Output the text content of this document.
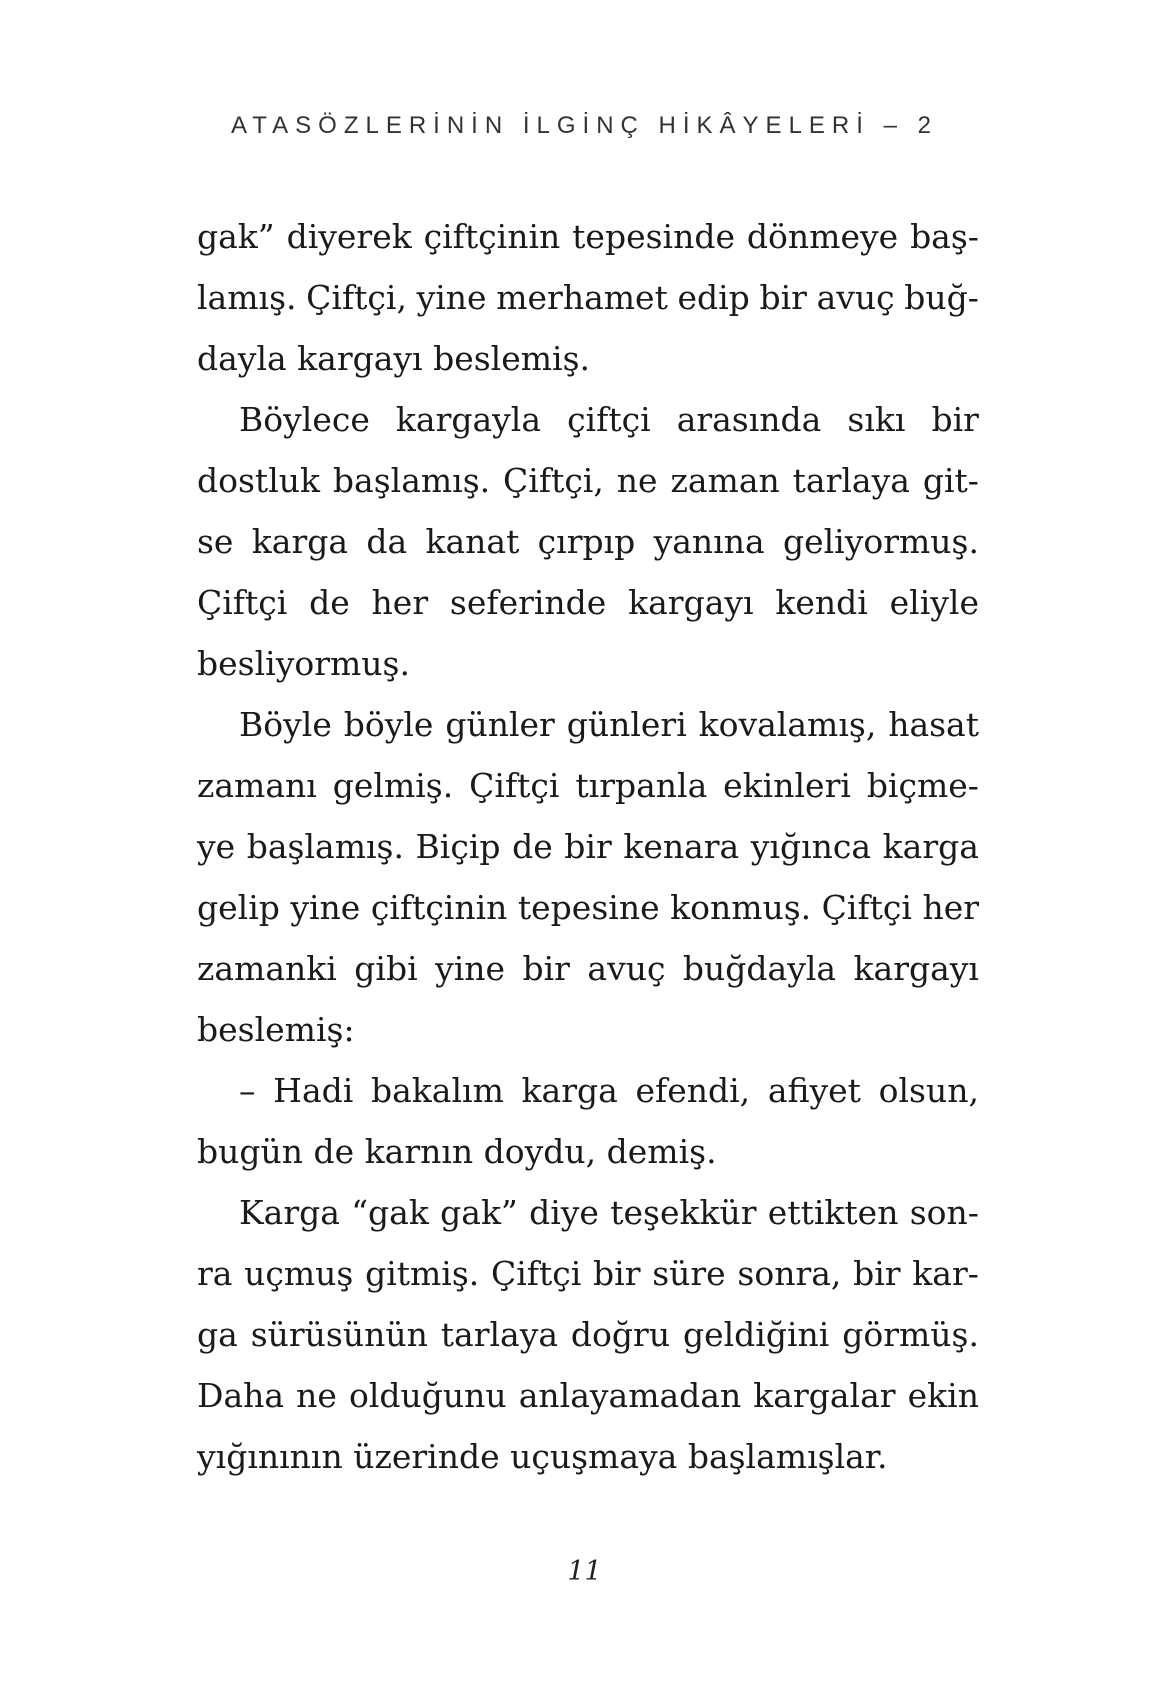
ATASÖZLERİNİN İLGİNÇ HİKÂYELERİ – 2
gak” diyerek çiftçinin tepesinde dönmeye baş-
lamış. Çiftçi, yine merhamet edip bir avuç buğ-
dayla kargayı beslemiş.
Böylece kargayla çiftçi arasında sıkı bir
dostluk başlamış. Çiftçi, ne zaman tarlaya git-
se karga da kanat çırpıp yanına geliyormuş.
Çiftçi de her seferinde kargayı kendi eliyle
besliyormuş.
Böyle böyle günler günleri kovalamış, hasat
zamanı gelmiş. Çiftçi tırpanla ekinleri biçme-
ye başlamış. Biçip de bir kenara yığınca karga
gelip yine çiftçinin tepesine konmuş. Çiftçi her
zamanki gibi yine bir avuç buğdayla kargayı
beslemiş:
– Hadi bakalım karga efendi, afiyet olsun,
bugün de karnın doydu, demiş.
Karga “gak gak” diye teşekkür ettikten son-
ra uçmuş gitmiş. Çiftçi bir süre sonra, bir kar-
ga sürüsünün tarlaya doğru geldiğini görmüş.
Daha ne olduğunu anlayamadan kargalar ekin
yığınının üzerinde uçuşmaya başlamışlar.
11
